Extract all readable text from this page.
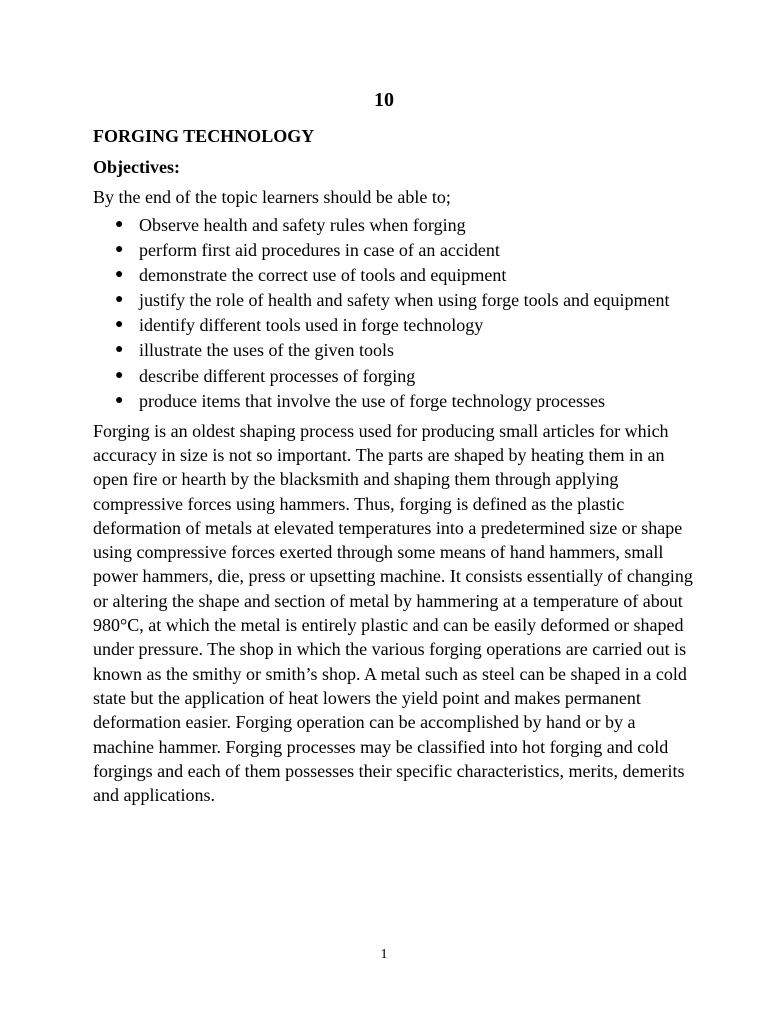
10
FORGING TECHNOLOGY
Objectives:
By the end of the topic learners should be able to;
● Observe health and safety rules when forging
● perform first aid procedures in case of an accident
● demonstrate the correct use of tools and equipment
● justify the role of health and safety when using forge tools and equipment
● identify different tools used in forge technology
● illustrate the uses of the given tools
● describe different processes of forging
● produce items that involve the use of forge technology processes

Forging is an oldest shaping process used for producing small articles for which accuracy in size is not so important. The parts are shaped by heating them in an open fire or hearth by the blacksmith and shaping them through applying compressive forces using hammers. Thus, forging is defined as the plastic deformation of metals at elevated temperatures into a predetermined size or shape using compressive forces exerted through some means of hand hammers, small power hammers, die, press or upsetting machine. It consists essentially of changing or altering the shape and section of metal by hammering at a temperature of about 980°C, at which the metal is entirely plastic and can be easily deformed or shaped under pressure. The shop in which the various forging operations are carried out is known as the smithy or smith’s shop. A metal such as steel can be shaped in a cold state but the application of heat lowers the yield point and makes permanent deformation easier. Forging operation can be accomplished by hand or by a machine hammer. Forging processes may be classified into hot forging and cold forgings and each of them possesses their specific characteristics, merits, demerits and applications.

1
